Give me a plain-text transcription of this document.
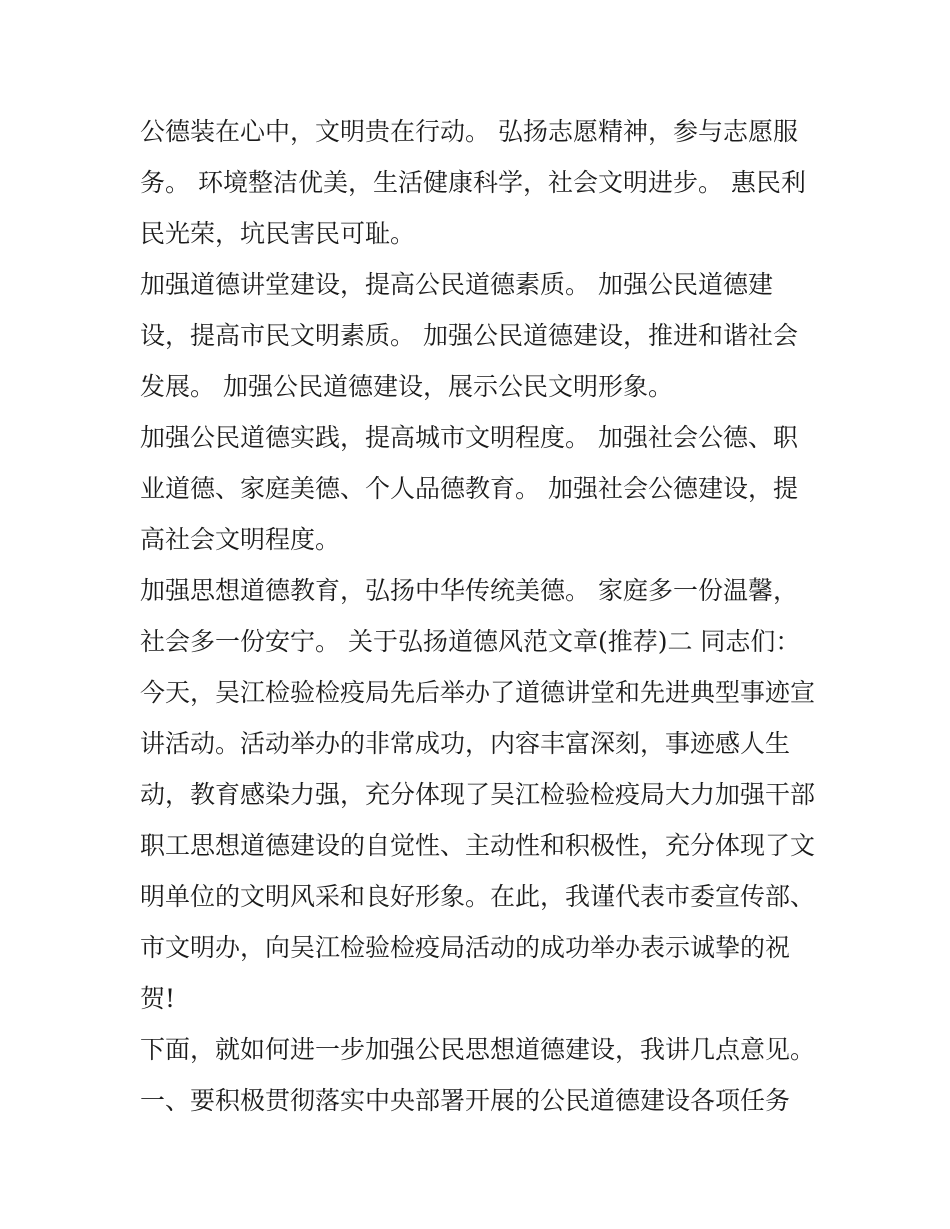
公德装在心中，文明贵在行动。 弘扬志愿精神，参与志愿服
务。 环境整洁优美，生活健康科学，社会文明进步。 惠民利
民光荣，坑民害民可耻。
加强道德讲堂建设，提高公民道德素质。 加强公民道德建
设，提高市民文明素质。 加强公民道德建设，推进和谐社会
发展。 加强公民道德建设，展示公民文明形象。
加强公民道德实践，提高城市文明程度。 加强社会公德、职
业道德、家庭美德、个人品德教育。 加强社会公德建设，提
高社会文明程度。
加强思想道德教育，弘扬中华传统美德。 家庭多一份温馨，
社会多一份安宁。 关于弘扬道德风范文章(推荐)二 同志们：
今天，吴江检验检疫局先后举办了道德讲堂和先进典型事迹宣
讲活动。活动举办的非常成功，内容丰富深刻，事迹感人生
动，教育感染力强，充分体现了吴江检验检疫局大力加强干部
职工思想道德建设的自觉性、主动性和积极性，充分体现了文
明单位的文明风采和良好形象。在此，我谨代表市委宣传部、
市文明办，向吴江检验检疫局活动的成功举办表示诚挚的祝
贺!
下面，就如何进一步加强公民思想道德建设，我讲几点意见。
一、要积极贯彻落实中央部署开展的公民道德建设各项任务
